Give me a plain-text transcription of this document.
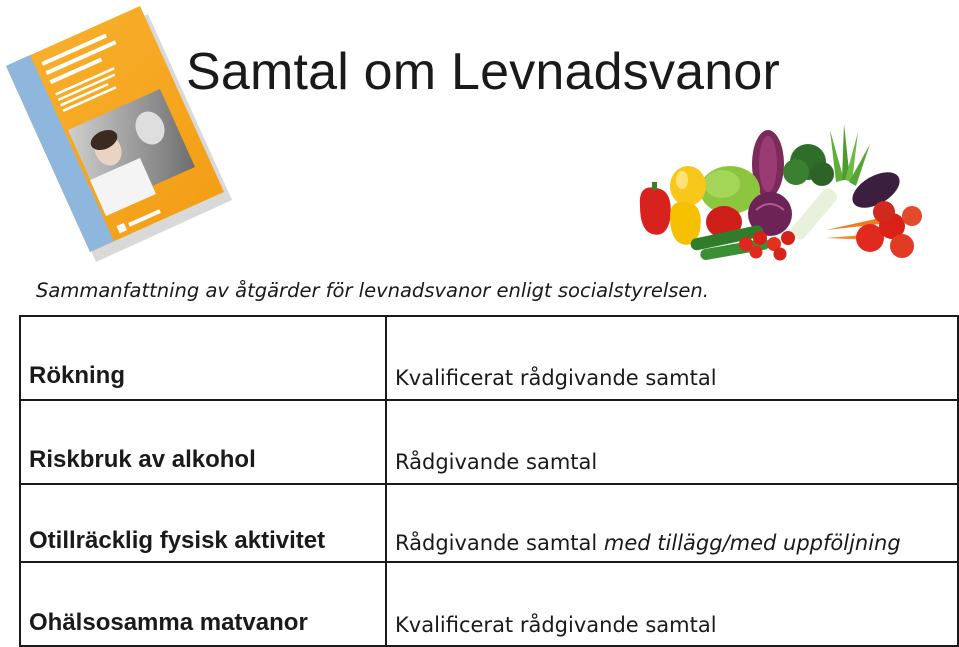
Samtal om Levnadsvanor
Sammanfattning av åtgärder för levnadsvanor enligt socialstyrelsen.
Rökning	Kvalificerat rådgivande samtal
Riskbruk av alkohol	Rådgivande samtal
Otillräcklig fysisk aktivitet	Rådgivande samtal med tillägg/med uppföljning
Ohälsosamma matvanor	Kvalificerat rådgivande samtal
